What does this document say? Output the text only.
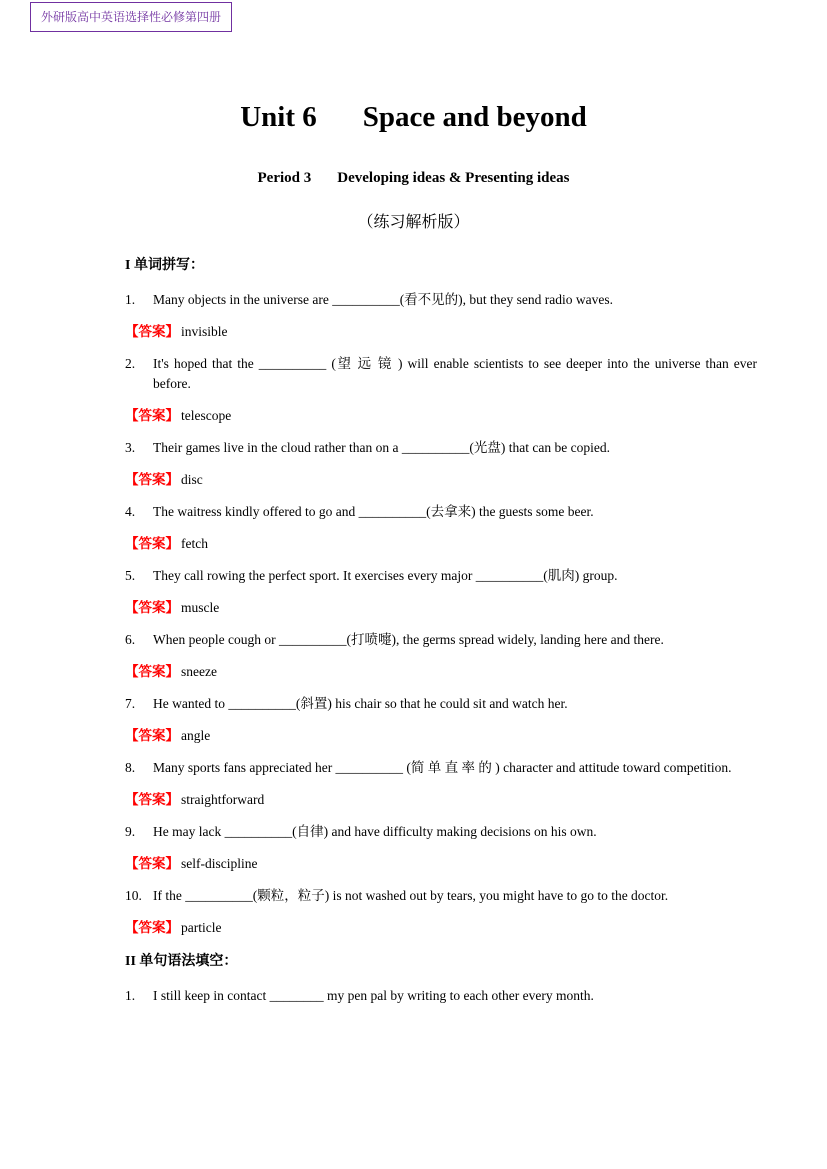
外研版高中英语选择性必修第四册
Unit 6 Space and beyond
Period 3 Developing ideas & Presenting ideas
（练习解析版）
I 单词拼写：
1.	Many objects in the universe are __________(看不见的), but they send radio waves.
【答案】 invisible
2.	It's hoped that the __________ (望 远 镜 ) will enable scientists to see deeper into the universe than ever before.
【答案】 telescope
3.	Their games live in the cloud rather than on a __________(光盘) that can be copied.
【答案】 disc
4.	The waitress kindly offered to go and __________(去拿来) the guests some beer.
【答案】 fetch
5.	They call rowing the perfect sport. It exercises every major __________(肌肉) group.
【答案】 muscle
6.	When people cough or __________(打喷嚏), the germs spread widely, landing here and there.
【答案】 sneeze
7.	He wanted to __________(斜置) his chair so that he could sit and watch her.
【答案】 angle
8.	Many sports fans appreciated her __________ (简 单 直 率 的 ) character and attitude toward competition.
【答案】 straightforward
9.	He may lack __________(自律) and have difficulty making decisions on his own.
【答案】 self-discipline
10. If the __________(颗粒，粒子) is not washed out by tears, you might have to go to the doctor.
【答案】 particle
II 单句语法填空：
1.	I still keep in contact ________ my pen pal by writing to each other every month.
